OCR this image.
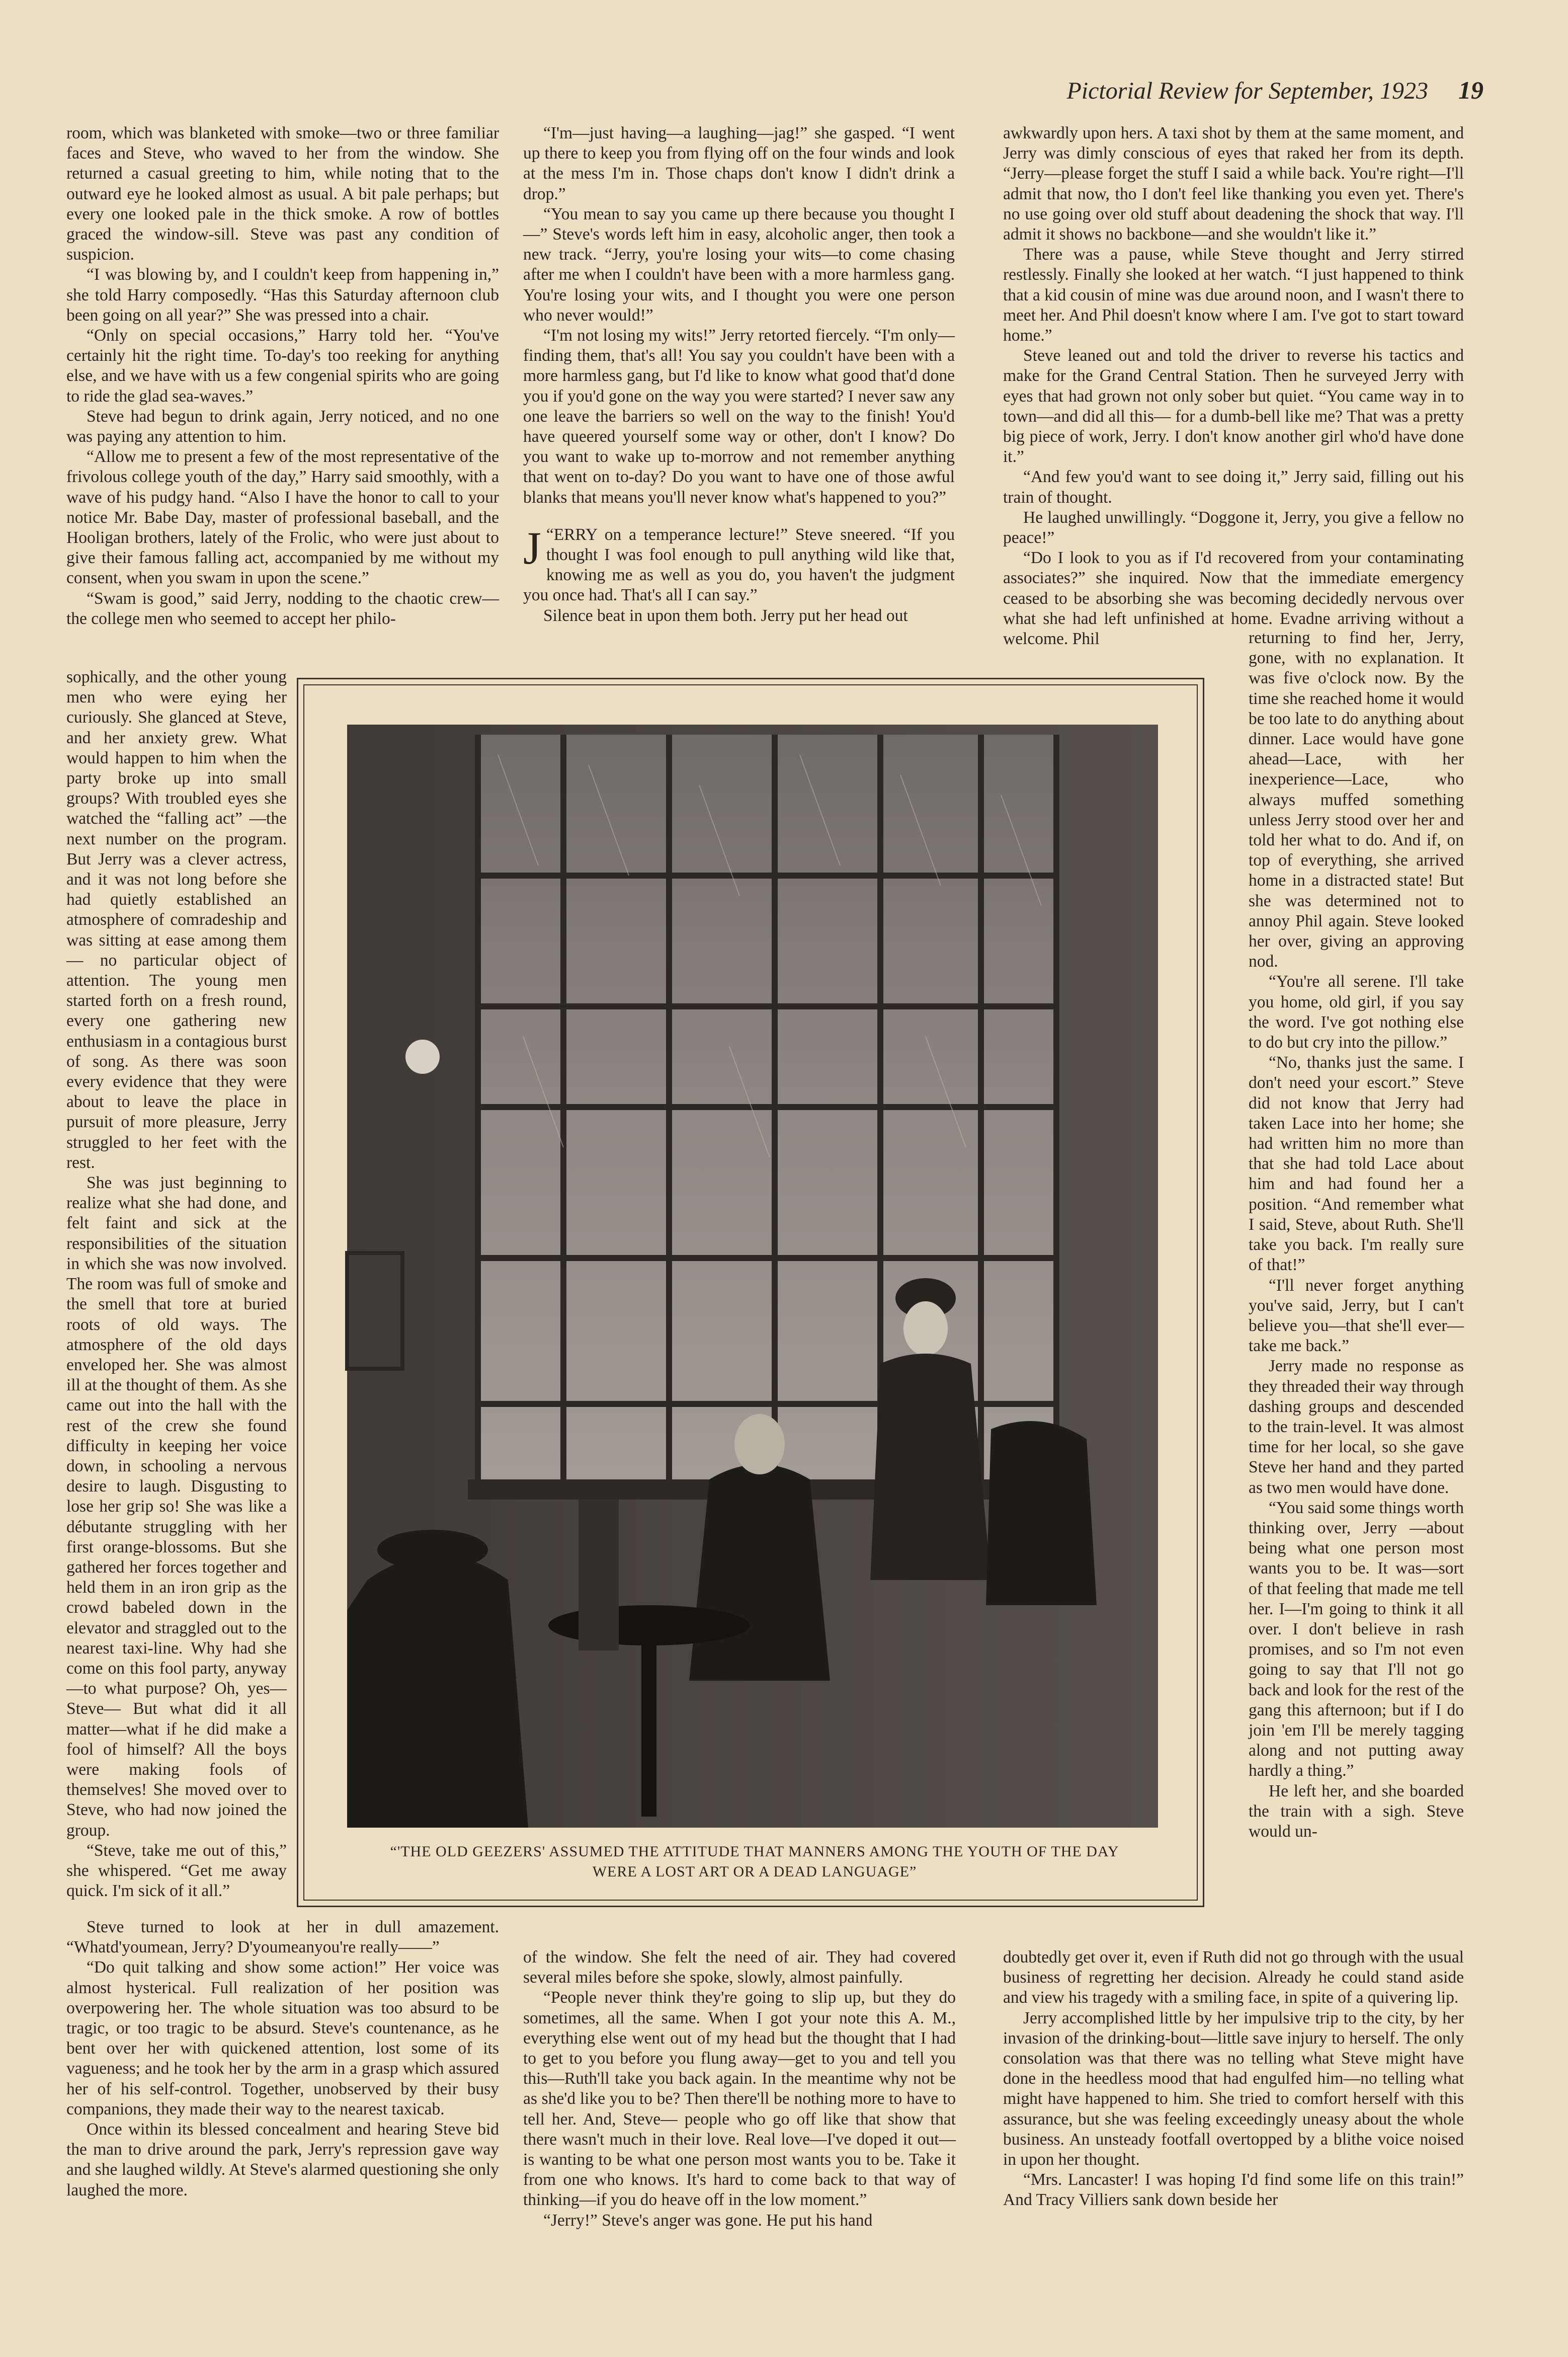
Pictorial Review for September, 1923 19

room, which was blanketed with smoke—two or three familiar faces and Steve, who waved to her from the window. She returned a casual greeting to him, while noting that to the outward eye he looked almost as usual. A bit pale perhaps; but every one looked pale in the thick smoke. A row of bottles graced the window-sill. Steve was past any condition of suspicion.

“I was blowing by, and I couldn't keep from happening in,” she told Harry composedly. “Has this Saturday afternoon club been going on all year?” She was pressed into a chair.

“Only on special occasions,” Harry told her. “You've certainly hit the right time. To-day's too reeking for anything else, and we have with us a few congenial spirits who are going to ride the glad sea-waves.”

Steve had begun to drink again, Jerry noticed, and no one was paying any attention to him.

“Allow me to present a few of the most representative of the frivolous college youth of the day,” Harry said smoothly, with a wave of his pudgy hand. “Also I have the honor to call to your notice Mr. Babe Day, master of professional baseball, and the Hooligan brothers, lately of the Frolic, who were just about to give their famous falling act, accompanied by me without my consent, when you swam in upon the scene.”

“Swam is good,” said Jerry, nodding to the chaotic crew—the college men who seemed to accept her philo-

sophically, and the other young men who were eying her curiously. She glanced at Steve, and her anxiety grew. What would happen to him when the party broke up into small groups? With troubled eyes she watched the “falling act” —the next number on the program. But Jerry was a clever actress, and it was not long before she had quietly established an atmosphere of comradeship and was sitting at ease among them— no particular object of attention. The young men started forth on a fresh round, every one gathering new enthusiasm in a contagious burst of song. As there was soon every evidence that they were about to leave the place in pursuit of more pleasure, Jerry struggled to her feet with the rest.

She was just beginning to realize what she had done, and felt faint and sick at the responsibilities of the situation in which she was now involved. The room was full of smoke and the smell that tore at buried roots of old ways. The atmosphere of the old days enveloped her. She was almost ill at the thought of them. As she came out into the hall with the rest of the crew she found difficulty in keeping her voice down, in schooling a nervous desire to laugh. Disgusting to lose her grip so! She was like a débutante struggling with her first orange-blossoms. But she gathered her forces together and held them in an iron grip as the crowd babeled down in the elevator and straggled out to the nearest taxi-line. Why had she come on this fool party, anyway—to what purpose? Oh, yes—Steve— But what did it all matter—what if he did make a fool of himself? All the boys were making fools of themselves! She moved over to Steve, who had now joined the group.

“Steve, take me out of this,” she whispered. “Get me away quick. I'm sick of it all.”

Steve turned to look at her in dull amazement. “Whatd'youmean, Jerry? D'youmeanyou're really——”

“Do quit talking and show some action!” Her voice was almost hysterical. Full realization of her position was overpowering her. The whole situation was too absurd to be tragic, or too tragic to be absurd. Steve's countenance, as he bent over her with quickened attention, lost some of its vagueness; and he took her by the arm in a grasp which assured her of his self-control. Together, unobserved by their busy companions, they made their way to the nearest taxicab.

Once within its blessed concealment and hearing Steve bid the man to drive around the park, Jerry's repression gave way and she laughed wildly. At Steve's alarmed questioning she only laughed the more.

“I'm—just having—a laughing—jag!” she gasped. “I went up there to keep you from flying off on the four winds and look at the mess I'm in. Those chaps don't know I didn't drink a drop.”

“You mean to say you came up there because you thought I—” Steve's words left him in easy, alcoholic anger, then took a new track. “Jerry, you're losing your wits—to come chasing after me when I couldn't have been with a more harmless gang. You're losing your wits, and I thought you were one person who never would!”

“I'm not losing my wits!” Jerry retorted fiercely. “I'm only—finding them, that's all! You say you couldn't have been with a more harmless gang, but I'd like to know what good that'd done you if you'd gone on the way you were started? I never saw any one leave the barriers so well on the way to the finish! You'd have queered yourself some way or other, don't I know? Do you want to wake up to-morrow and not remember anything that went on to-day? Do you want to have one of those awful blanks that means you'll never know what's happened to you?”

“
J ERRY on a temperance lecture!” Steve sneered. “If you thought I was fool enough to pull anything wild like that, knowing me as well as you do, you haven't the judgment you once had. That's all I can say.”

Silence beat in upon them both. Jerry put her head out

of the window. She felt the need of air. They had covered several miles before she spoke, slowly, almost painfully.

“People never think they're going to slip up, but they do sometimes, all the same. When I got your note this A. M., everything else went out of my head but the thought that I had to get to you before you flung away—get to you and tell you this—Ruth'll take you back again. In the meantime why not be as she'd like you to be? Then there'll be nothing more to have to tell her. And, Steve— people who go off like that show that there wasn't much in their love. Real love—I've doped it out—is wanting to be what one person most wants you to be. Take it from one who knows. It's hard to come back to that way of thinking—if you do heave off in the low moment.”

“Jerry!” Steve's anger was gone. He put his hand

awkwardly upon hers. A taxi shot by them at the same moment, and Jerry was dimly conscious of eyes that raked her from its depth. “Jerry—please forget the stuff I said a while back. You're right—I'll admit that now, tho I don't feel like thanking you even yet. There's no use going over old stuff about deadening the shock that way. I'll admit it shows no backbone—and she wouldn't like it.”

There was a pause, while Steve thought and Jerry stirred restlessly. Finally she looked at her watch. “I just happened to think that a kid cousin of mine was due around noon, and I wasn't there to meet her. And Phil doesn't know where I am. I've got to start toward home.”

Steve leaned out and told the driver to reverse his tactics and make for the Grand Central Station. Then he surveyed Jerry with eyes that had grown not only sober but quiet. “You came way in to town—and did all this— for a dumb-bell like me? That was a pretty big piece of work, Jerry. I don't know another girl who'd have done it.”

“And few you'd want to see doing it,” Jerry said, filling out his train of thought.

He laughed unwillingly. “Doggone it, Jerry, you give a fellow no peace!”

“Do I look to you as if I'd recovered from your contaminating associates?” she inquired. Now that the immediate emergency ceased to be absorbing she was becoming decidedly nervous over what she had left unfinished at home. Evadne arriving without a welcome. Phil	returning to find her, Jerry, gone, with no explanation. It was five o'clock now. By the time she reached home it would be too late to do anything about dinner. Lace would have gone ahead—Lace, with her inexperience—Lace, who always muffed something unless Jerry stood over her and told her what to do. And if, on top of everything, she arrived home in a distracted state! But she was determined not to annoy Phil again. Steve looked her over, giving an approving nod.

“You're all serene. I'll take you home, old girl, if you say the word. I've got nothing else to do but cry into the pillow.”

“No, thanks just the same. I don't need your escort.” Steve did not know that Jerry had taken Lace into her home; she had written him no more than that she had told Lace about him and had found her a position. “And remember what I said, Steve, about Ruth. She'll take you back. I'm really sure of that!”

“I'll never forget anything you've said, Jerry, but I can't believe you—that she'll ever—take me back.”

Jerry made no response as they threaded their way through dashing groups and descended to the train-level. It was almost time for her local, so she gave Steve her hand and they parted as two men would have done.

“You said some things worth thinking over, Jerry —about being what one person most wants you to be. It was—sort of that feeling that made me tell her. I—I'm going to think it all over. I don't believe in rash promises, and so I'm not even going to say that I'll not go back and look for the rest of the gang this afternoon; but if I do join 'em I'll be merely tagging along and not putting away hardly a thing.”

He left her, and she boarded the train with a sigh. Steve would un-

doubtedly get over it, even if Ruth did not go through with the usual business of regretting her decision. Already he could stand aside and view his tragedy with a smiling face, in spite of a quivering lip.

Jerry accomplished little by her impulsive trip to the city, by her invasion of the drinking-bout—little save injury to herself. The only consolation was that there was no telling what Steve might have done in the heedless mood that had engulfed him—no telling what might have happened to him. She tried to comfort herself with this assurance, but she was feeling exceedingly uneasy about the whole business. An unsteady footfall overtopped by a blithe voice noised in upon her thought.

“Mrs. Lancaster! I was hoping I'd find some life on this train!” And Tracy Villiers sank down beside her

“'THE OLD GEEZERS' ASSUMED THE ATTITUDE THAT MANNERS AMONG THE YOUTH OF THE DAY WERE A LOST ART OR A DEAD LANGUAGE”
